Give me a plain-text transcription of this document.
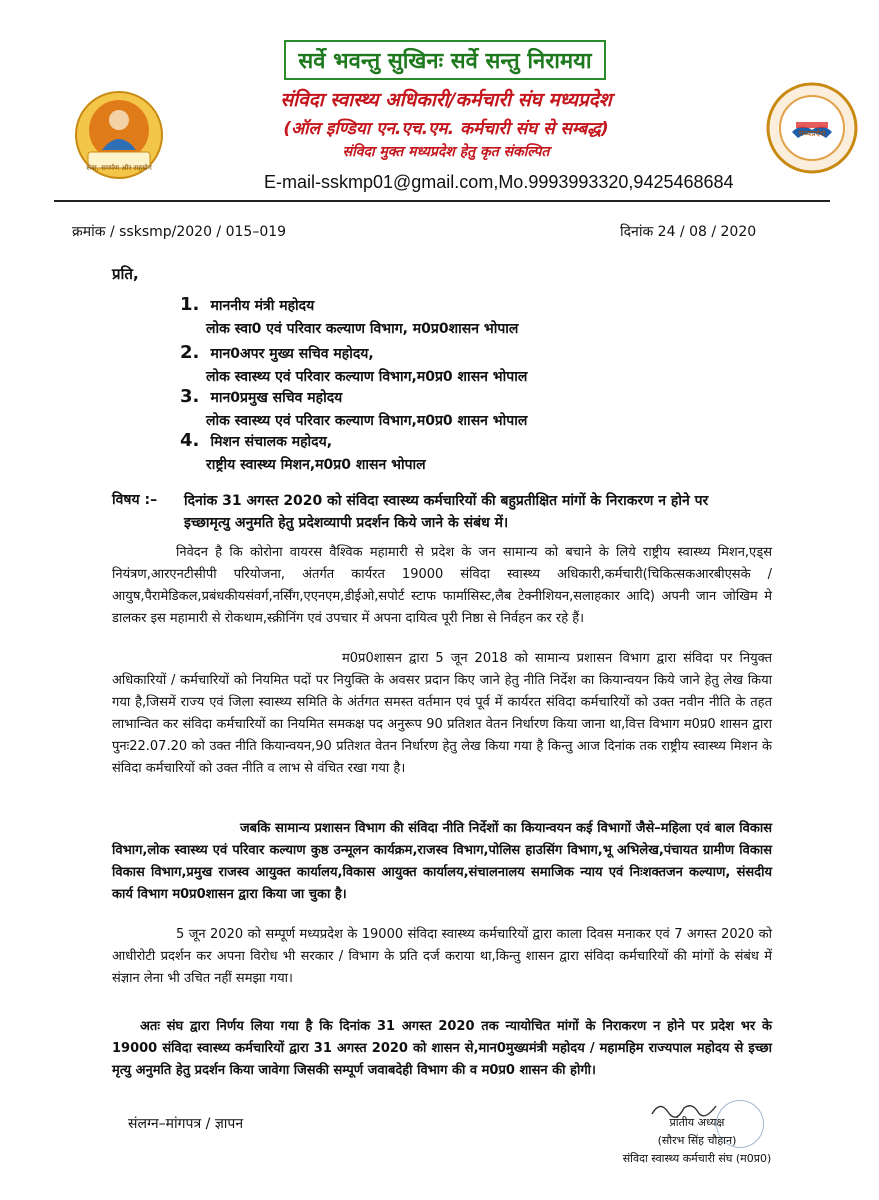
सर्वे भवन्तु सुखिनः सर्वे सन्तु निरामया
सेवा, समर्पण और सहयोग
संविदा स्वास्थ्य अधिकारी/कर्मचारी संघ मध्यप्रदेश
(ऑल इण्डिया एन.एच.एम. कर्मचारी संघ से सम्बद्ध)
संविदा मुक्त मध्यप्रदेश हेतु कृत संकल्पित
E-mail-sskmp01@gmail.com,Mo.9993993320,9425468684
मध्यप्रदेश
क्रमांक / ssksmp/2020 / 015–019	दिनांक 24 / 08 / 2020
प्रति,
1. माननीय मंत्री महोदय
लोक स्वा0 एवं परिवार कल्याण विभाग, म0प्र0शासन भोपाल
2. मान0अपर मुख्य सचिव महोदय,
लोक स्वास्थ्य एवं परिवार कल्याण विभाग,म0प्र0 शासन भोपाल
3. मान0प्रमुख सचिव महोदय
लोक स्वास्थ्य एवं परिवार कल्याण विभाग,म0प्र0 शासन भोपाल
4. मिशन संचालक महोदय,
राष्ट्रीय स्वास्थ्य मिशन,म0प्र0 शासन भोपाल
विषय :– दिनांक 31 अगस्त 2020 को संविदा स्वास्थ्य कर्मचारियों की बहुप्रतीक्षित मांगों के निराकरण न होने पर इच्छामृत्यु अनुमति हेतु प्रदेशव्यापी प्रदर्शन किये जाने के संबंध में।
निवेदन है कि कोरोना वायरस वैश्विक महामारी से प्रदेश के जन सामान्य को बचाने के लिये राष्ट्रीय स्वास्थ्य मिशन,एड्स नियंत्रण,आरएनटीसीपी परियोजना, अंतर्गत कार्यरत 19000 संविदा स्वास्थ्य अधिकारी,कर्मचारी(चिकित्सकआरबीएसके / आयुष,पैरामेडिकल,प्रबंधकीयसंवर्ग,नर्सिंग,एएनएम,डीईओ,सपोर्ट स्टाफ फार्मासिस्ट,लैब टेक्नीशियन,सलाहकार आदि) अपनी जान जोखिम मे डालकर इस महामारी से रोकथाम,स्क्रीनिंग एवं उपचार में अपना दायित्व पूरी निष्ठा से निर्वहन कर रहे हैं।
म0प्र0शासन द्वारा 5 जून 2018 को सामान्य प्रशासन विभाग द्वारा संविदा पर नियुक्त अधिकारियों / कर्मचारियों को नियमित पदों पर नियुक्ति के अवसर प्रदान किए जाने हेतु नीति निर्देश का कियान्वयन किये जाने हेतु लेख किया गया है,जिसमें राज्य एवं जिला स्वास्थ्य समिति के अंर्तगत समस्त वर्तमान एवं पूर्व में कार्यरत संविदा कर्मचारियों को उक्त नवीन नीति के तहत लाभान्वित कर संविदा कर्मचारियों का नियमित समकक्ष पद अनुरूप 90 प्रतिशत वेतन निर्धारण किया जाना था,वित्त विभाग म0प्र0 शासन द्वारा पुनः22.07.20 को उक्त नीति कियान्वयन,90 प्रतिशत वेतन निर्धारण हेतु लेख किया गया है किन्तु आज दिनांक तक राष्ट्रीय स्वास्थ्य मिशन के संविदा कर्मचारियों को उक्त नीति व लाभ से वंचित रखा गया है।
जबकि सामान्य प्रशासन विभाग की संविदा नीति निर्देशों का कियान्वयन कई विभागों जैसे–महिला एवं बाल विकास विभाग,लोक स्वास्थ्य एवं परिवार कल्याण कुष्ठ उन्मूलन कार्यक्रम,राजस्व विभाग,पोलिस हाउसिंग विभाग,भू अभिलेख,पंचायत ग्रामीण विकास विकास विभाग,प्रमुख राजस्व आयुक्त कार्यालय,विकास आयुक्त कार्यालय,संचालनालय समाजिक न्याय एवं निःशक्तजन कल्याण, संसदीय कार्य विभाग म0प्र0शासन द्वारा किया जा चुका है।
5 जून 2020 को सम्पूर्ण मध्यप्रदेश के 19000 संविदा स्वास्थ्य कर्मचारियों द्वारा काला दिवस मनाकर एवं 7 अगस्त 2020 को आधीरोटी प्रदर्शन कर अपना विरोध भी सरकार / विभाग के प्रति दर्ज कराया था,किन्तु शासन द्वारा संविदा कर्मचारियों की मांगों के संबंध में संज्ञान लेना भी उचित नहीं समझा गया।
अतः संघ द्वारा निर्णय लिया गया है कि दिनांक 31 अगस्त 2020 तक न्यायोचित मांगों के निराकरण न होने पर प्रदेश भर के 19000 संविदा स्वास्थ्य कर्मचारियों द्वारा 31 अगस्त 2020 को शासन से,मान0मुख्यमंत्री महोदय / महामहिम राज्यपाल महोदय से इच्छा मृत्यु अनुमति हेतु प्रदर्शन किया जावेगा जिसकी सम्पूर्ण जवाबदेही विभाग की व म0प्र0 शासन की होगी।
संलग्न–मांगपत्र / ज्ञापन	प्रांतीय अध्यक्ष
(सौरभ सिंह चौहान)
संविदा स्वास्थ्य कर्मचारी संघ (म0प्र0)
